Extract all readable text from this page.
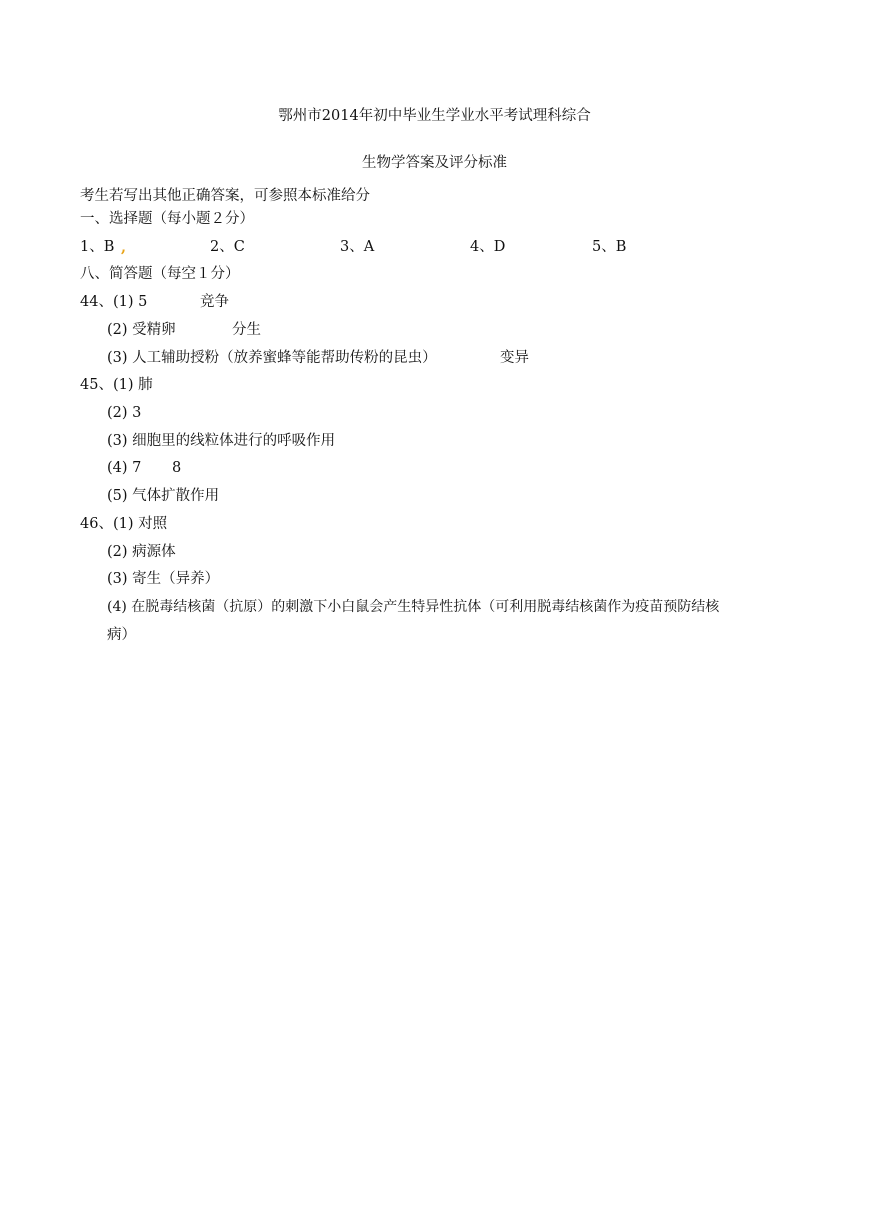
鄂州市2014年初中毕业生学业水平考试理科综合
生物学答案及评分标准
考生若写出其他正确答案，可参照本标准给分
一、选择题（每小题２分）
1、B ,	2、C	3、A	4、D	5、B
八、简答题（每空１分）
44、(1) 5	竞争
(2) 受精卵	分生
(3) 人工辅助授粉（放养蜜蜂等能帮助传粉的昆虫）	变异
45、(1) 肺
(2) 3
(3) 细胞里的线粒体进行的呼吸作用
(4) 7 8
(5) 气体扩散作用
46、(1) 对照
(2) 病源体
(3) 寄生（异养）
(4) 在脱毒结核菌（抗原）的刺激下小白鼠会产生特异性抗体（可利用脱毒结核菌作为疫苗预防结核
病）
